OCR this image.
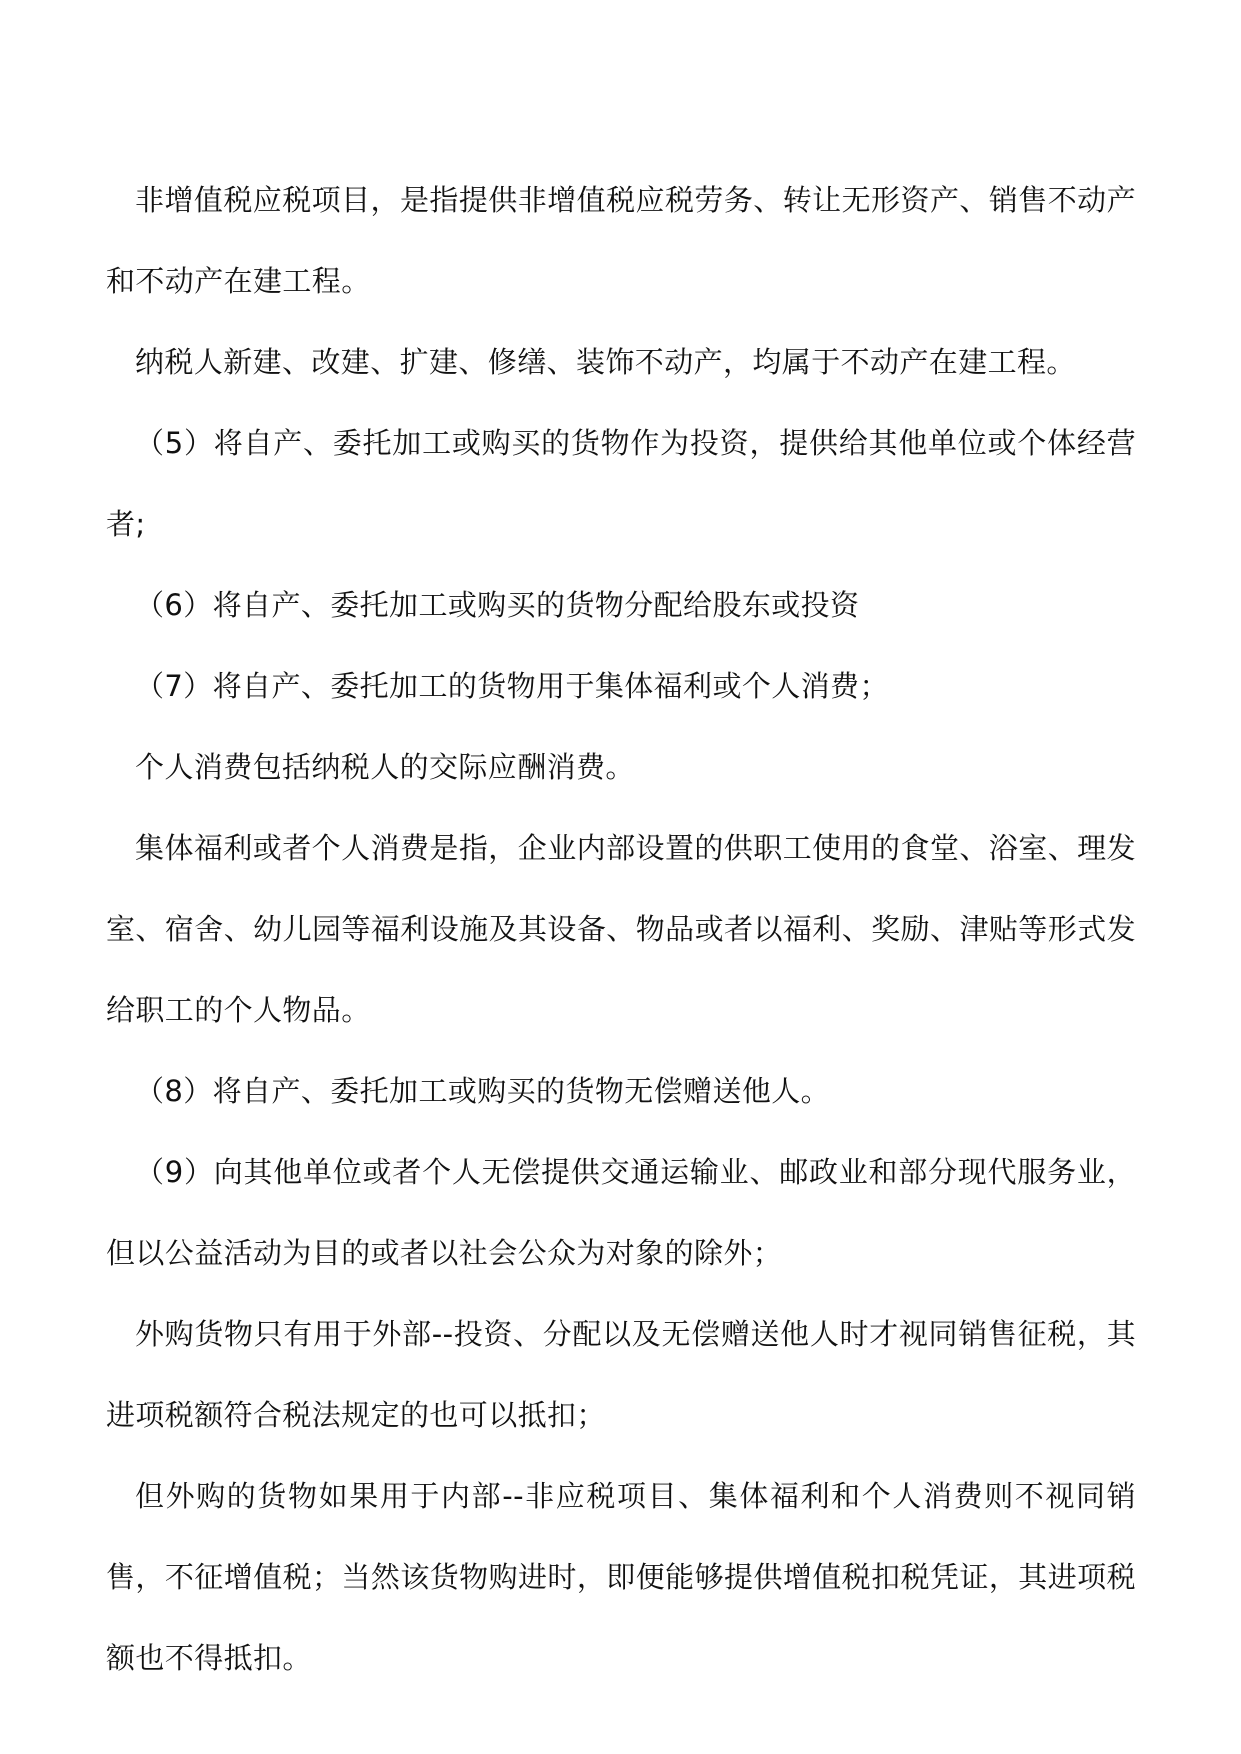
非增值税应税项目，是指提供非增值税应税劳务、转让无形资产、销售不动产和不动产在建工程。

纳税人新建、改建、扩建、修缮、装饰不动产，均属于不动产在建工程。

（5）将自产、委托加工或购买的货物作为投资，提供给其他单位或个体经营者;

（6）将自产、委托加工或购买的货物分配给股东或投资

（7）将自产、委托加工的货物用于集体福利或个人消费；

个人消费包括纳税人的交际应酬消费。

集体福利或者个人消费是指，企业内部设置的供职工使用的食堂、浴室、理发室、宿舍、幼儿园等福利设施及其设备、物品或者以福利、奖励、津贴等形式发给职工的个人物品。

（8）将自产、委托加工或购买的货物无偿赠送他人。

（9）向其他单位或者个人无偿提供交通运输业、邮政业和部分现代服务业，但以公益活动为目的或者以社会公众为对象的除外；

外购货物只有用于外部--投资、分配以及无偿赠送他人时才视同销售征税，其进项税额符合税法规定的也可以抵扣；

但外购的货物如果用于内部--非应税项目、集体福利和个人消费则不视同销售，不征增值税；当然该货物购进时，即便能够提供增值税扣税凭证，其进项税额也不得抵扣。
